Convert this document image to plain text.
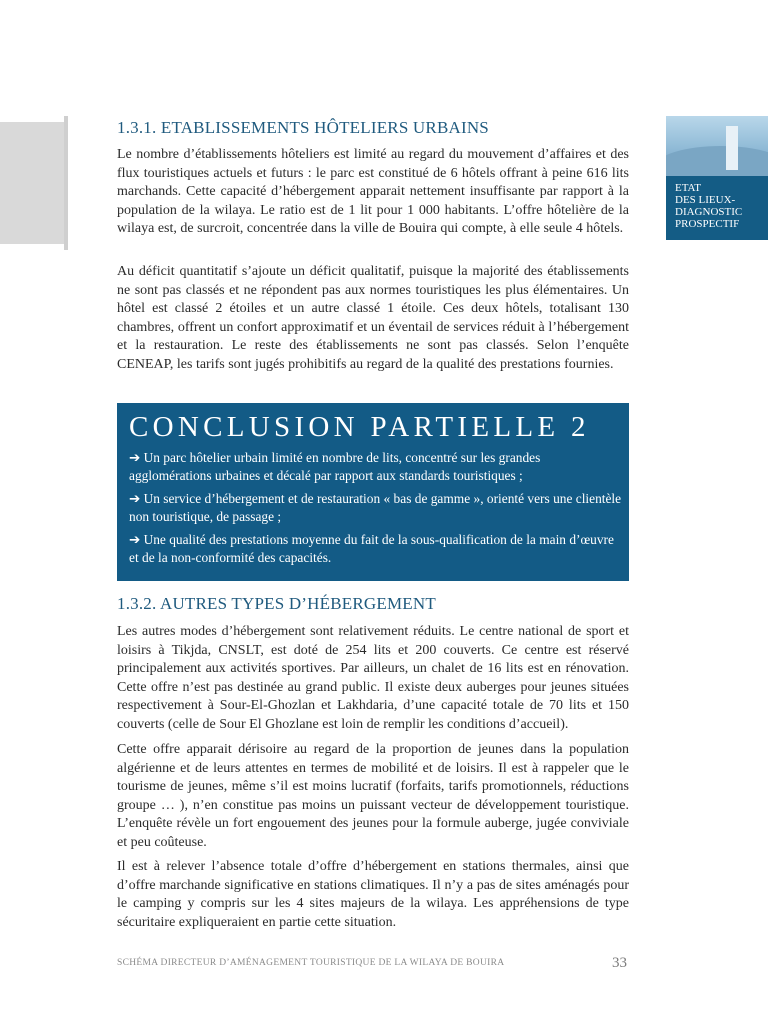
ETAT
DES LIEUX-
DIAGNOSTIC
PROSPECTIF
1.3.1. ETABLISSEMENTS HÔTELIERS URBAINS

Le nombre d’établissements hôteliers est limité au regard du mouvement d’affaires et des flux touristiques actuels et futurs : le parc est constitué de 6 hôtels offrant à peine 616 lits marchands. Cette capacité d’hébergement apparait nettement insuffisante par rapport à la population de la wilaya. Le ratio est de 1 lit pour 1 000 habitants. L’offre hôtelière de la wilaya est, de surcroit, concentrée dans la ville de Bouira qui compte, à elle seule 4 hôtels.

Au déficit quantitatif s’ajoute un déficit qualitatif, puisque la majorité des établissements ne sont pas classés et ne répondent pas aux normes touristiques les plus élémentaires. Un hôtel est classé 2 étoiles et un autre classé 1 étoile. Ces deux hôtels, totalisant 130 chambres, offrent un confort approximatif et un éventail de services réduit à l’hébergement et la restauration. Le reste des établissements ne sont pas classés. Selon l’enquête CENEAP, les tarifs sont jugés prohibitifs au regard de la qualité des prestations fournies.

CONCLUSION PARTIELLE 2

➔ Un parc hôtelier urbain limité en nombre de lits, concentré sur les grandes agglomérations urbaines et décalé par rapport aux standards touristiques ;

➔ Un service d’hébergement et de restauration « bas de gamme », orienté vers une clientèle non touristique, de passage ;

➔ Une qualité des prestations moyenne du fait de la sous-qualification de la main d’œuvre et de la non-conformité des capacités.

1.3.2. AUTRES TYPES D’HÉBERGEMENT

Les autres modes d’hébergement sont relativement réduits. Le centre national de sport et loisirs à Tikjda, CNSLT, est doté de 254 lits et 200 couverts. Ce centre est réservé principalement aux activités sportives. Par ailleurs, un chalet de 16 lits est en rénovation. Cette offre n’est pas destinée au grand public. Il existe deux auberges pour jeunes situées respectivement à Sour-El-Ghozlan et Lakhdaria, d’une capacité totale de 70 lits et 150 couverts (celle de Sour El Ghozlane est loin de remplir les conditions d’accueil).

Cette offre apparait dérisoire au regard de la proportion de jeunes dans la population algérienne et de leurs attentes en termes de mobilité et de loisirs. Il est à rappeler que le tourisme de jeunes, même s’il est moins lucratif (forfaits, tarifs promotionnels, réductions groupe … ), n’en constitue pas moins un puissant vecteur de développement touristique. L’enquête révèle un fort engouement des jeunes pour la formule auberge, jugée conviviale et peu coûteuse.

Il est à relever l’absence totale d’offre d’hébergement en stations thermales, ainsi que d’offre marchande significative en stations climatiques. Il n’y a pas de sites aménagés pour le camping y compris sur les 4 sites majeurs de la wilaya. Les appréhensions de type sécuritaire expliqueraient en partie cette situation.

SCHÉMA DIRECTEUR D’AMÉNAGEMENT TOURISTIQUE DE LA WILAYA DE BOUIRA	33
